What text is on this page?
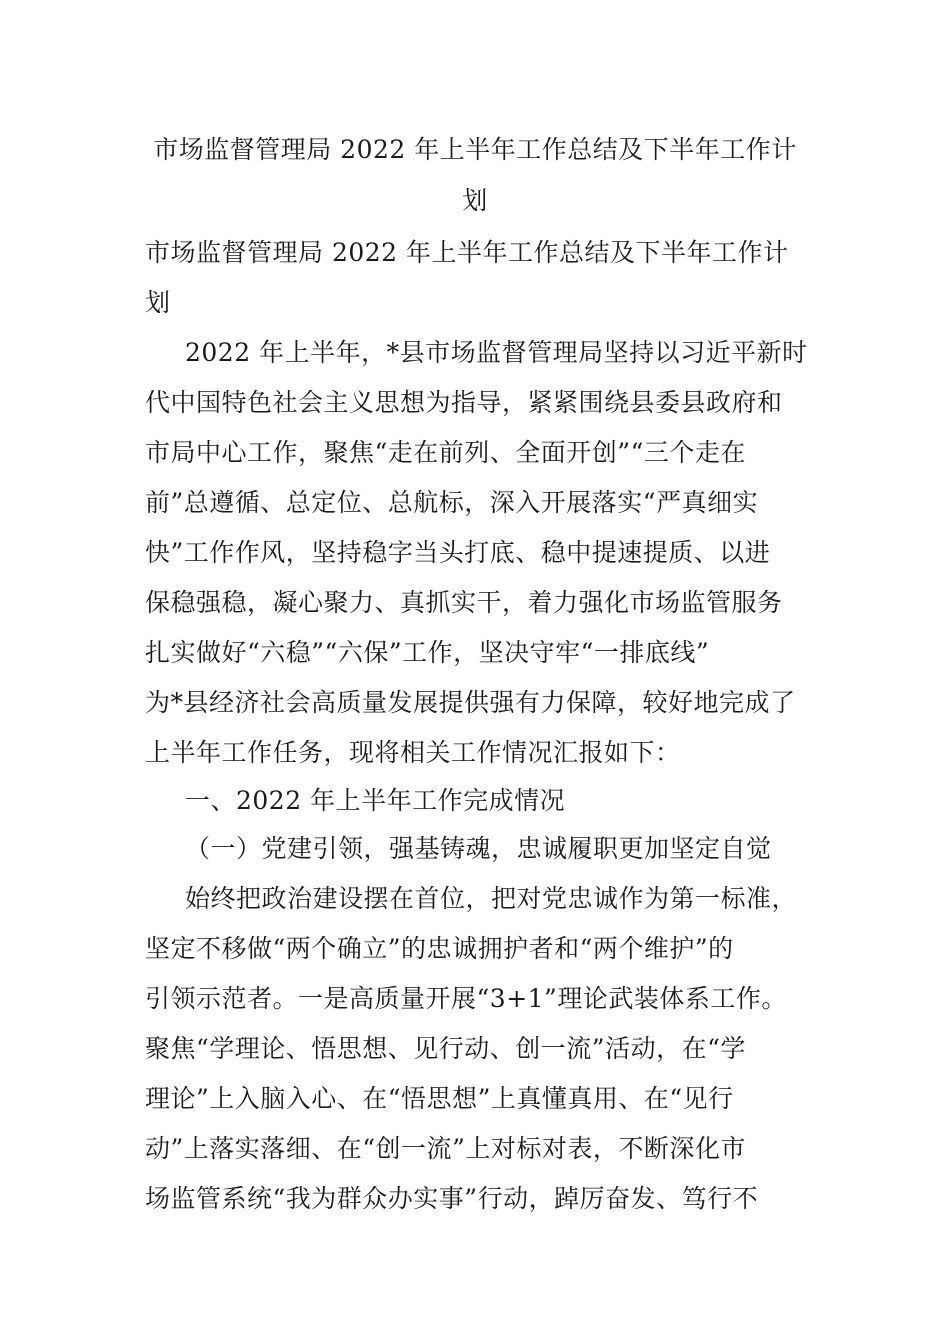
市场监督管理局 2022 年上半年工作总结及下半年工作计
划
市场监督管理局 2022 年上半年工作总结及下半年工作计
划
2022 年上半年，*县市场监督管理局坚持以习近平新时
代中国特色社会主义思想为指导，紧紧围绕县委县政府和
市局中心工作，聚焦“走在前列、全面开创”“三个走在
前”总遵循、总定位、总航标，深入开展落实“严真细实
快”工作作风，坚持稳字当头打底、稳中提速提质、以进
保稳强稳，凝心聚力、真抓实干，着力强化市场监管服务
扎实做好“六稳”“六保”工作，坚决守牢“一排底线”
为*县经济社会高质量发展提供强有力保障，较好地完成了
上半年工作任务，现将相关工作情况汇报如下：
一、2022 年上半年工作完成情况
（一）党建引领，强基铸魂，忠诚履职更加坚定自觉
始终把政治建设摆在首位，把对党忠诚作为第一标准，
坚定不移做“两个确立”的忠诚拥护者和“两个维护”的
引领示范者。一是高质量开展“3+1”理论武装体系工作。
聚焦“学理论、悟思想、见行动、创一流”活动，在“学
理论”上入脑入心、在“悟思想”上真懂真用、在“见行
动”上落实落细、在“创一流”上对标对表，不断深化市
场监管系统“我为群众办实事”行动，踔厉奋发、笃行不
